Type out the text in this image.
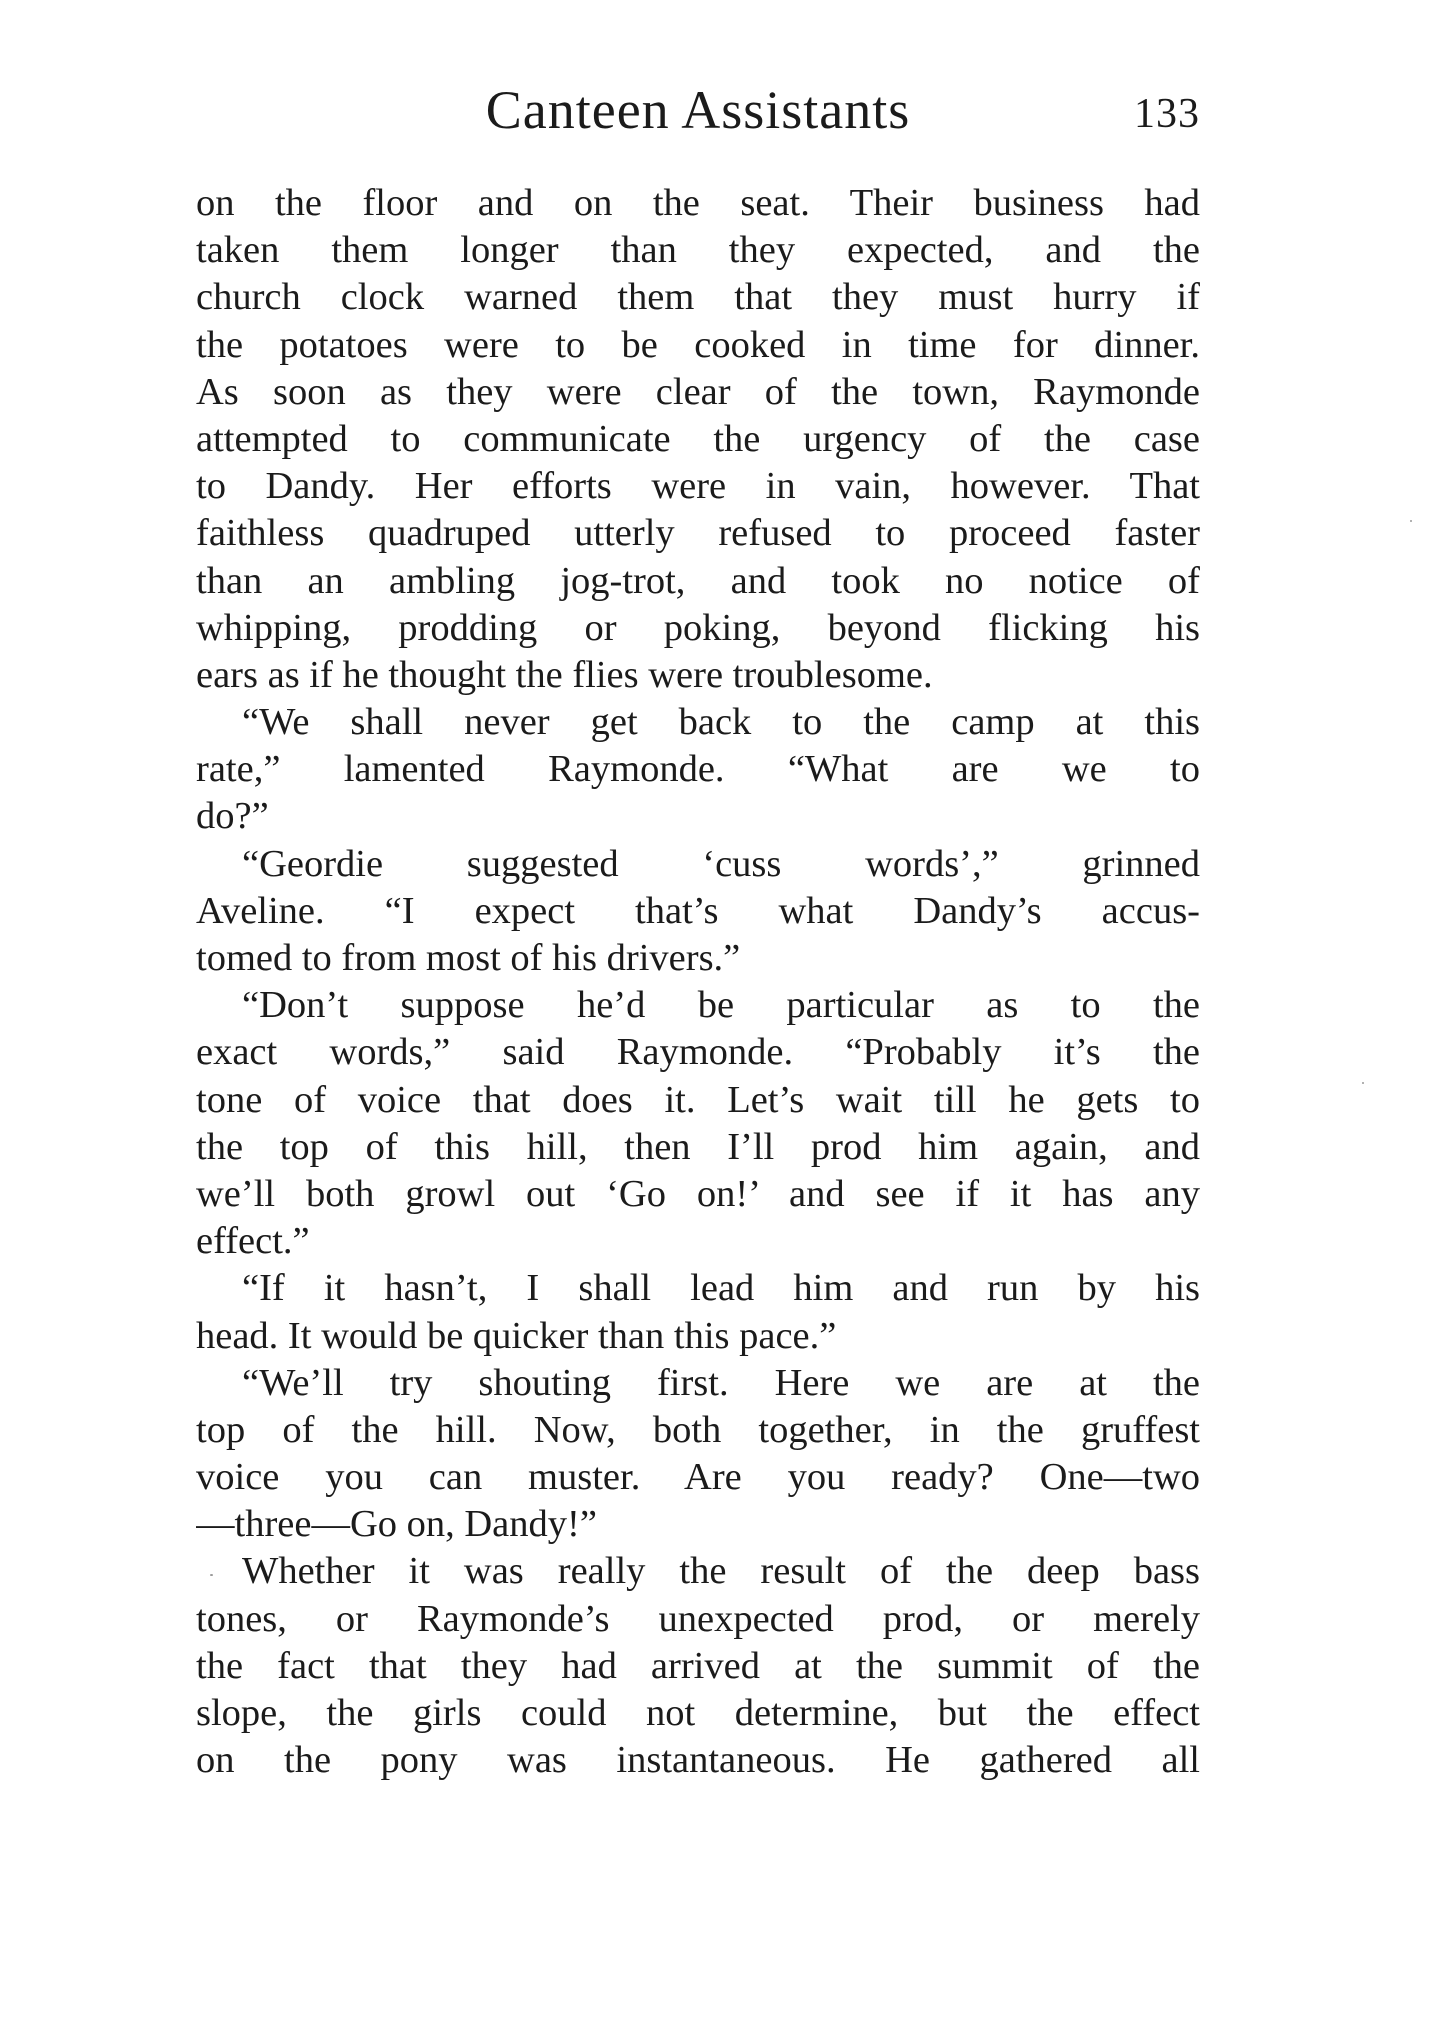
Canteen Assistants	133
on the floor and on the seat. Their business had
taken them longer than they expected, and the
church clock warned them that they must hurry if
the potatoes were to be cooked in time for dinner.
As soon as they were clear of the town, Raymonde
attempted to communicate the urgency of the case
to Dandy. Her efforts were in vain, however. That
faithless quadruped utterly refused to proceed faster
than an ambling jog-trot, and took no notice of
whipping, prodding or poking, beyond flicking his
ears as if he thought the flies were troublesome.
“We shall never get back to the camp at this
rate,” lamented Raymonde. “What are we to
do?”
“Geordie suggested ‘cuss words’,” grinned
Aveline. “I expect that’s what Dandy’s accus-
tomed to from most of his drivers.”
“Don’t suppose he’d be particular as to the
exact words,” said Raymonde. “Probably it’s the
tone of voice that does it. Let’s wait till he gets to
the top of this hill, then I’ll prod him again, and
we’ll both growl out ‘Go on!’ and see if it has any
effect.”
“If it hasn’t, I shall lead him and run by his
head. It would be quicker than this pace.”
“We’ll try shouting first. Here we are at the
top of the hill. Now, both together, in the gruffest
voice you can muster. Are you ready? One—two
—three—Go on, Dandy!”
Whether it was really the result of the deep bass
tones, or Raymonde’s unexpected prod, or merely
the fact that they had arrived at the summit of the
slope, the girls could not determine, but the effect
on the pony was instantaneous. He gathered all
